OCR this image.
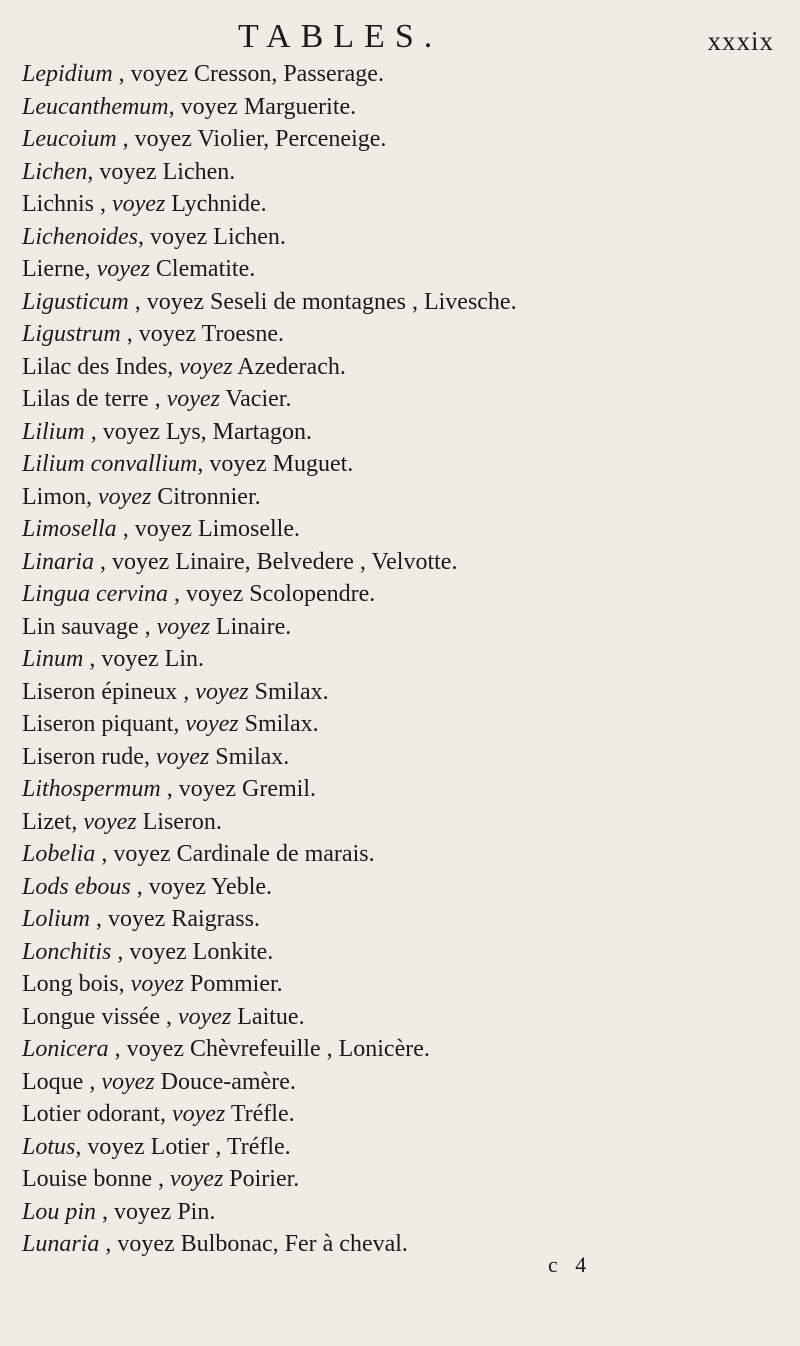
TABLES.	xxxix
Lepidium , voyez Cresson, Passerage.
Leucanthemum, voyez Marguerite.
Leucoium , voyez Violier, Perceneige.
Lichen, voyez Lichen.
Lichnis , voyez Lychnide.
Lichenoides, voyez Lichen.
Lierne, voyez Clematite.
Ligusticum , voyez Seseli de montagnes , Livesche.
Ligustrum , voyez Troesne.
Lilac des Indes, voyez Azederach.
Lilas de terre , voyez Vacier.
Lilium , voyez Lys, Martagon.
Lilium convallium, voyez Muguet.
Limon, voyez Citronnier.
Limosella , voyez Limoselle.
Linaria , voyez Linaire, Belvedere , Velvotte.
Lingua cervina , voyez Scolopendre.
Lin sauvage , voyez Linaire.
Linum , voyez Lin.
Liseron épineux , voyez Smilax.
Liseron piquant, voyez Smilax.
Liseron rude, voyez Smilax.
Lithospermum , voyez Gremil.
Lizet, voyez Liseron.
Lobelia , voyez Cardinale de marais.
Lods ebous , voyez Yeble.
Lolium , voyez Raigrass.
Lonchitis , voyez Lonkite.
Long bois, voyez Pommier.
Longue vissée , voyez Laitue.
Lonicera , voyez Chèvrefeuille , Lonicère.
Loque , voyez Douce-amère.
Lotier odorant, voyez Tréfle.
Lotus, voyez Lotier , Tréfle.
Louise bonne , voyez Poirier.
Lou pin , voyez Pin.
Lunaria , voyez Bulbonac, Fer à cheval.
c 4
